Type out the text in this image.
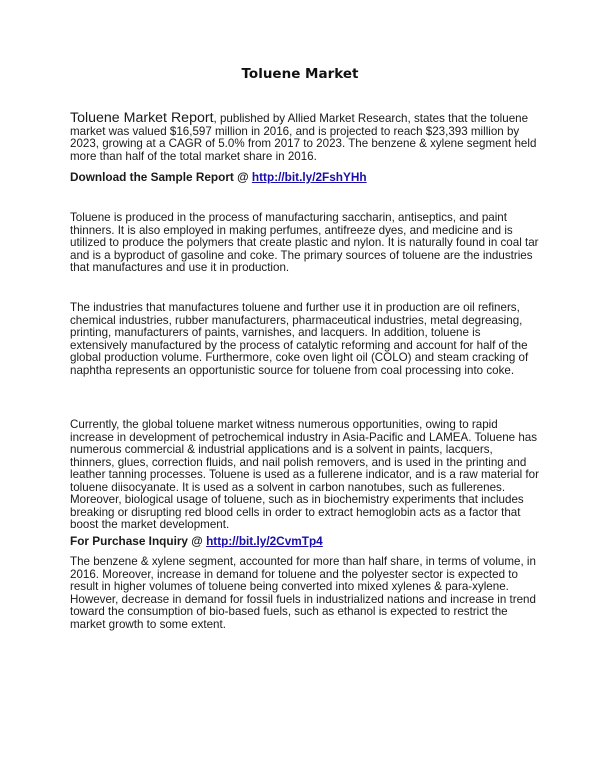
Toluene Market

Toluene Market Report, published by Allied Market Research, states that the toluene market was valued $16,597 million in 2016, and is projected to reach $23,393 million by 2023, growing at a CAGR of 5.0% from 2017 to 2023. The benzene & xylene segment held more than half of the total market share in 2016.

Download the Sample Report @ http://bit.ly/2FshYHh

Toluene is produced in the process of manufacturing saccharin, antiseptics, and paint thinners. It is also employed in making perfumes, antifreeze dyes, and medicine and is utilized to produce the polymers that create plastic and nylon. It is naturally found in coal tar and is a byproduct of gasoline and coke. The primary sources of toluene are the industries that manufactures and use it in production.

The industries that manufactures toluene and further use it in production are oil refiners, chemical industries, rubber manufacturers, pharmaceutical industries, metal degreasing, printing, manufacturers of paints, varnishes, and lacquers. In addition, toluene is extensively manufactured by the process of catalytic reforming and account for half of the global production volume. Furthermore, coke oven light oil (COLO) and steam cracking of naphtha represents an opportunistic source for toluene from coal processing into coke.

Currently, the global toluene market witness numerous opportunities, owing to rapid increase in development of petrochemical industry in Asia-Pacific and LAMEA. Toluene has numerous commercial & industrial applications and is a solvent in paints, lacquers, thinners, glues, correction fluids, and nail polish removers, and is used in the printing and leather tanning processes. Toluene is used as a fullerene indicator, and is a raw material for toluene diisocyanate. It is used as a solvent in carbon nanotubes, such as fullerenes. Moreover, biological usage of toluene, such as in biochemistry experiments that includes breaking or disrupting red blood cells in order to extract hemoglobin acts as a factor that boost the market development.

For Purchase Inquiry @ http://bit.ly/2CvmTp4

The benzene & xylene segment, accounted for more than half share, in terms of volume, in 2016. Moreover, increase in demand for toluene and the polyester sector is expected to result in higher volumes of toluene being converted into mixed xylenes & para-xylene. However, decrease in demand for fossil fuels in industrialized nations and increase in trend toward the consumption of bio-based fuels, such as ethanol is expected to restrict the market growth to some extent.
